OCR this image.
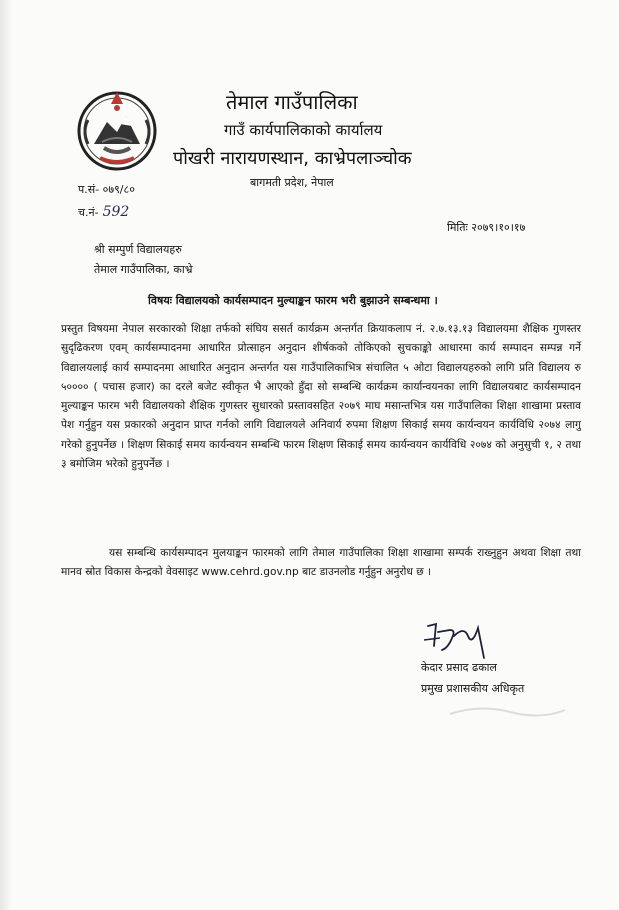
तेमाल गाउँपालिका
गाउँ कार्यपालिकाको कार्यालय
पोखरी नारायणस्थान, काभ्रेपलाञ्चोक
बागमती प्रदेश, नेपाल
प.सं- ०७९/८०
च.नं- 592
मितिः २०७९।१०।१७
श्री सम्पुर्ण विद्यालयहरु
तेमाल गाउँपालिका, काभ्रे
विषयः विद्यालयको कार्यसम्पादन मुल्याङ्कन फारम भरी बुझाउने सम्बन्धमा ।
प्रस्तुत विषयमा नेपाल सरकारको शिक्षा तर्फको संघिय ससर्त कार्यक्रम अन्तर्गत क्रियाकलाप नं. २.७.१३.१३ विद्यालयमा शैक्षिक गुणस्तर सुदृढिकरण एवम् कार्यसम्पादनमा आधारित प्रोत्साहन अनुदान शीर्षकको तोकिएको सुचकाङ्को आधारमा कार्य सम्पादन सम्पन्न गर्ने विद्यालयलाई कार्य सम्पादनमा आधारित अनुदान अन्तर्गत यस गाउँपालिकाभित्र संचालित ५ ओटा विद्यालयहरुको लागि प्रति विद्यालय रु ५०००० ( पचास हजार) का दरले बजेट स्वीकृत भै आएको हुँदा सो सम्बन्धि कार्यक्रम कार्यान्वयनका लागि विद्यालयबाट कार्यसम्पादन मुल्याङ्कन फारम भरी विद्यालयको शैक्षिक गुणस्तर सुधारको प्रस्तावसहित २०७९ माघ मसान्तभित्र यस गाउँपालिका शिक्षा शाखामा प्रस्ताव पेश गर्नुहुन यस प्रकारको अनुदान प्राप्त गर्नको लागि विद्यालयले अनिवार्य रुपमा शिक्षण सिकाई समय कार्यन्वयन कार्यविधि २०७४ लागु गरेको हुनुपर्नेछ । शिक्षण सिकाई समय कार्यन्वयन सम्बन्धि फारम शिक्षण सिकाई समय कार्यन्वयन कार्यविधि २०७४ को अनुसुची १, २ तथा ३ बमोजिम भरेको हुनुपर्नेछ ।
यस सम्बन्धि कार्यसम्पादन मुलयाङ्कन फारमको लागि तेमाल गाउँपालिका शिक्षा शाखामा सम्पर्क राख्नुहुन अथवा शिक्षा तथा मानव स्रोत विकास केन्द्रको वेवसाइट www.cehrd.gov.np बाट डाउनलोड गर्नुहुन अनुरोध छ ।
केदार प्रसाद ढकाल
प्रमुख प्रशासकीय अधिकृत
